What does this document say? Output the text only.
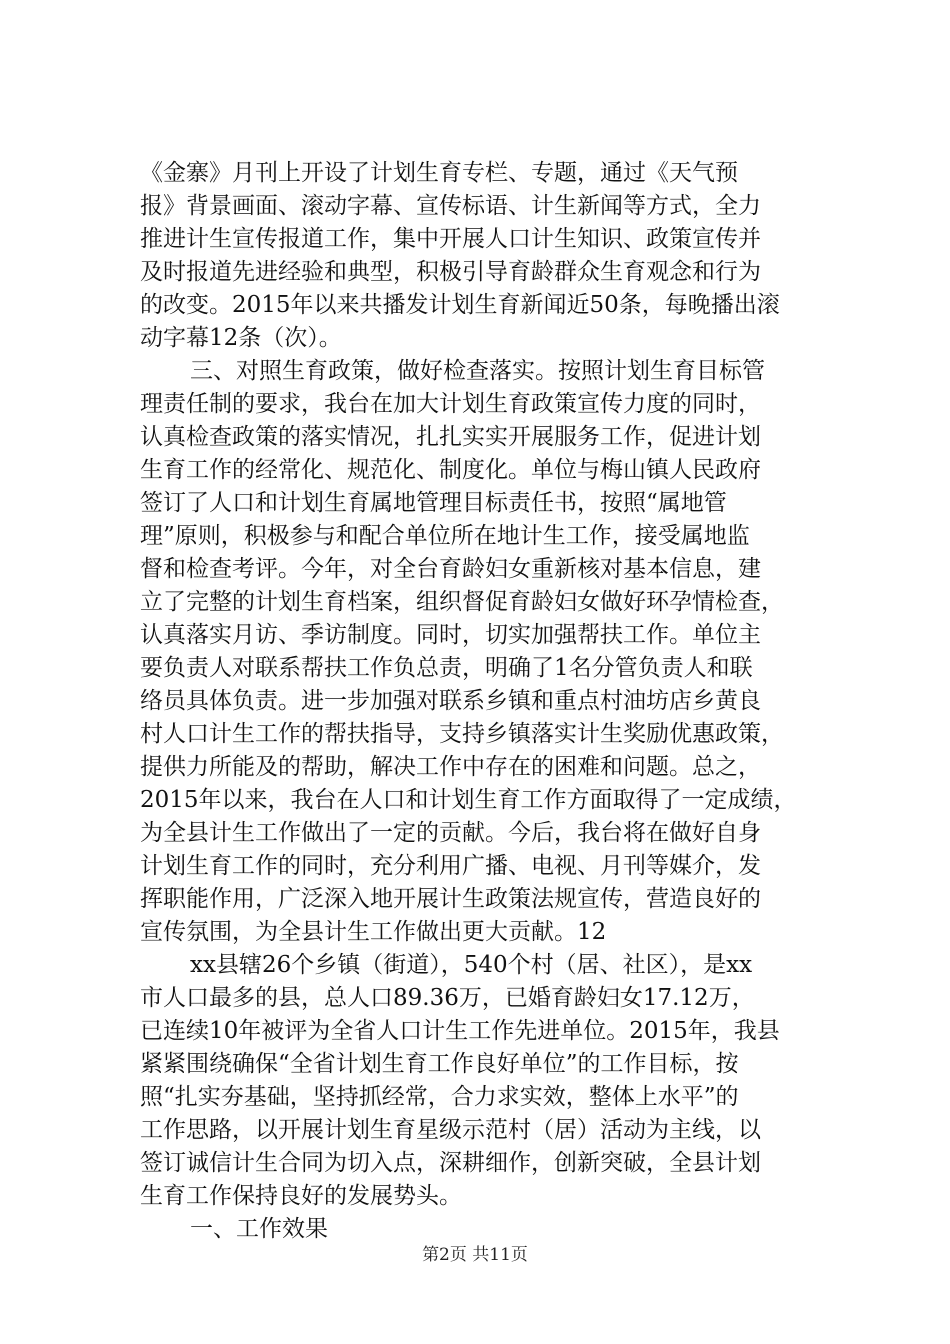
《金寨》月刊上开设了计划生育专栏、专题，通过《天气预
报》背景画面、滚动字幕、宣传标语、计生新闻等方式，全力
推进计生宣传报道工作，集中开展人口计生知识、政策宣传并
及时报道先进经验和典型，积极引导育龄群众生育观念和行为
的改变。2015年以来共播发计划生育新闻近50条，每晚播出滚
动字幕12条（次）。
三、对照生育政策，做好检查落实。按照计划生育目标管
理责任制的要求，我台在加大计划生育政策宣传力度的同时，
认真检查政策的落实情况，扎扎实实开展服务工作，促进计划
生育工作的经常化、规范化、制度化。单位与梅山镇人民政府
签订了人口和计划生育属地管理目标责任书，按照“属地管
理”原则，积极参与和配合单位所在地计生工作，接受属地监
督和检查考评。今年，对全台育龄妇女重新核对基本信息，建
立了完整的计划生育档案，组织督促育龄妇女做好环孕情检查，
认真落实月访、季访制度。同时，切实加强帮扶工作。单位主
要负责人对联系帮扶工作负总责，明确了1名分管负责人和联
络员具体负责。进一步加强对联系乡镇和重点村油坊店乡黄良
村人口计生工作的帮扶指导，支持乡镇落实计生奖励优惠政策，
提供力所能及的帮助，解决工作中存在的困难和问题。总之，
2015年以来，我台在人口和计划生育工作方面取得了一定成绩，
为全县计生工作做出了一定的贡献。今后，我台将在做好自身
计划生育工作的同时，充分利用广播、电视、月刊等媒介，发
挥职能作用，广泛深入地开展计生政策法规宣传，营造良好的
宣传氛围，为全县计生工作做出更大贡献。12
xx县辖26个乡镇（街道），540个村（居、社区），是xx
市人口最多的县，总人口89.36万，已婚育龄妇女17.12万，
已连续10年被评为全省人口计生工作先进单位。2015年，我县
紧紧围绕确保“全省计划生育工作良好单位”的工作目标，按
照“扎实夯基础，坚持抓经常，合力求实效，整体上水平”的
工作思路，以开展计划生育星级示范村（居）活动为主线，以
签订诚信计生合同为切入点，深耕细作，创新突破，全县计划
生育工作保持良好的发展势头。
一、工作效果
第2页 共11页
